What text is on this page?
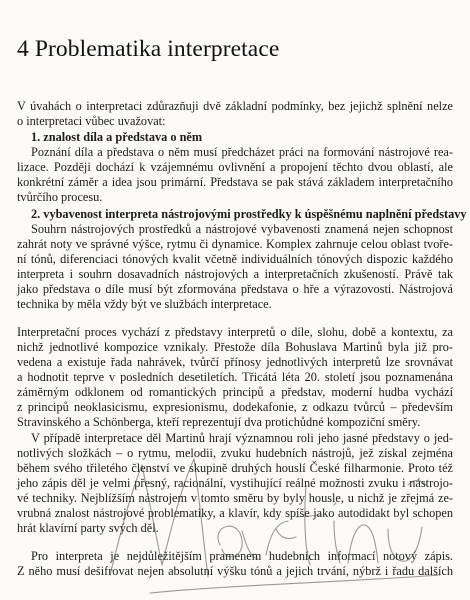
4 Problematika interpretace
V úvahách o interpretaci zdůrazňuji dvě základní podmínky, bez jejichž splnění nelze
o interpretaci vůbec uvažovat:
1. znalost díla a představa o něm
Poznání díla a představa o něm musí předcházet práci na formování nástrojové rea-
lizace. Později dochází k vzájemnému ovlivnění a propojení těchto dvou oblastí, ale
konkrétní záměr a idea jsou primární. Představa se pak stává základem interpretačního
tvůrčího procesu.
2. vybavenost interpreta nástrojovými prostředky k úspěšnému naplnění představy
Souhrn nástrojových prostředků a nástrojové vybavenosti znamená nejen schopnost
zahrát noty ve správné výšce, rytmu či dynamice. Komplex zahrnuje celou oblast tvoře-
ní tónů, diferenciaci tónových kvalit včetně individuálních tónových dispozic každého
interpreta i souhrn dosavadních nástrojových a interpretačních zkušeností. Právě tak
jako představa o díle musí být zformována představa o hře a výrazovosti. Nástrojová
technika by měla vždy být ve službách interpretace.
Interpretační proces vychází z představy interpretů o díle, slohu, době a kontextu, za
nichž jednotlivé kompozice vznikaly. Přestože díla Bohuslava Martinů byla již pro-
vedena a existuje řada nahrávek, tvůrčí přínosy jednotlivých interpretů lze srovnávat
a hodnotit teprve v posledních desetiletích. Třicátá léta 20. století jsou poznamenána
záměrným odklonem od romantických principů a představ, moderní hudba vychází
z principů neoklasicismu, expresionismu, dodekafonie, z odkazu tvůrců – především
Stravinského a Schönberga, kteří reprezentují dva protichůdné kompoziční směry.
V případě interpretace děl Martinů hrají významnou roli jeho jasné představy o jed-
notlivých složkách – o rytmu, melodii, zvuku hudebních nástrojů, jež získal zejména
během svého třiletého členství ve skupině druhých houslí České filharmonie. Proto též
jeho zápis děl je velmi přesný, racionální, vystihující reálné možnosti zvuku i nástrojo-
vé techniky. Nejblížším nástrojem v tomto směru by byly housle, u nichž je zřejmá ze-
vrubná znalost nástrojové problematiky, a klavír, kdy spíše jako autodidakt byl schopen
hrát klavírní party svých děl.
Pro interpreta je nejdůležitějším pramenem hudebních informací notový zápis.
Z něho musí dešifrovat nejen absolutní výšku tónů a jejich trvání, nýbrž i řadu dalších
